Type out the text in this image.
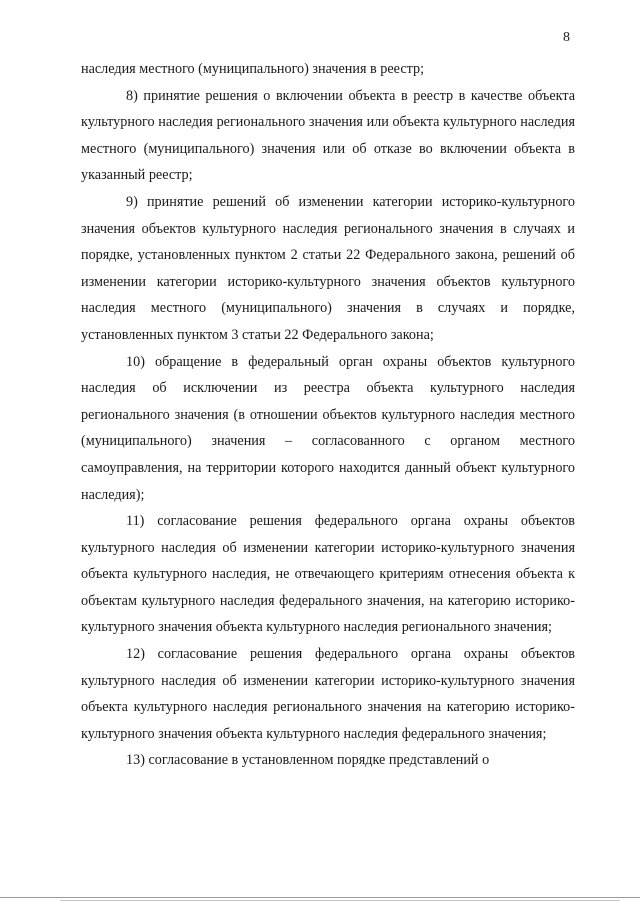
8

наследия местного (муниципального) значения в реестр;

8) принятие решения о включении объекта в реестр в качестве объекта культурного наследия регионального значения или объекта культурного наследия местного (муниципального) значения или об отказе во включении объекта в указанный реестр;

9) принятие решений об изменении категории историко-культурного значения объектов культурного наследия регионального значения в случаях и порядке, установленных пунктом 2 статьи 22 Федерального закона, решений об изменении категории историко-культурного значения объектов культурного наследия местного (муниципального) значения в случаях и порядке, установленных пунктом 3 статьи 22 Федерального закона;

10) обращение в федеральный орган охраны объектов культурного наследия об исключении из реестра объекта культурного наследия регионального значения (в отношении объектов культурного наследия местного (муниципального) значения – согласованного с органом местного самоуправления, на территории которого находится данный объект культурного наследия);

11) согласование решения федерального органа охраны объектов культурного наследия об изменении категории историко-культурного значения объекта культурного наследия, не отвечающего критериям отнесения объекта к объектам культурного наследия федерального значения, на категорию историко-культурного значения объекта культурного наследия регионального значения;

12) согласование решения федерального органа охраны объектов культурного наследия об изменении категории историко-культурного значения объекта культурного наследия регионального значения на категорию историко-культурного значения объекта культурного наследия федерального значения;

13) согласование в установленном порядке представлений о
